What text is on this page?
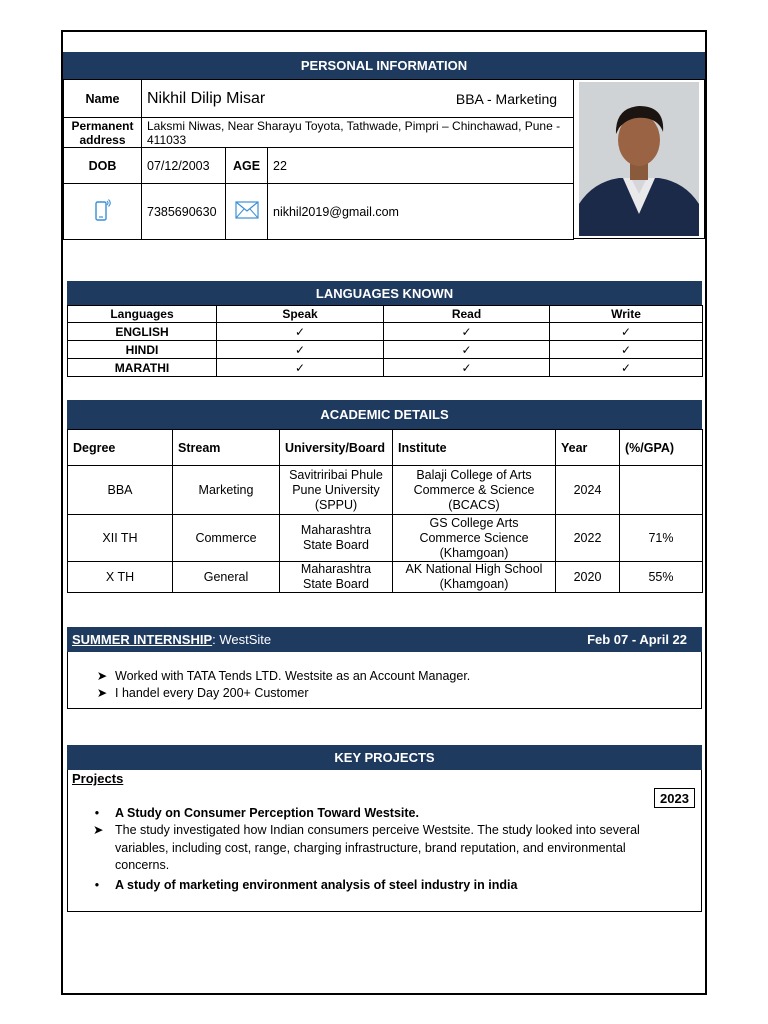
PERSONAL INFORMATION
Name	Nikhil Dilip Misar BBA - Marketing		

Permanent address	Laksmi Niwas, Near Sharayu Toyota, Tathwade, Pimpri – Chinchawad, Pune - 411033		
DOB	07/12/2003	AGE	22
	7385690630		nikhil2019@gmail.com
LANGUAGES KNOWN
Languages	Speak	Read	Write
ENGLISH	✓	✓	✓
HINDI	✓	✓	✓
MARATHI	✓	✓	✓
ACADEMIC DETAILS
Degree	Stream	University/Board	Institute	Year	(%/GPA)
BBA	Marketing	Savitriribai Phule Pune University (SPPU)	Balaji College of Arts Commerce & Science (BCACS)	2024	
XII TH	Commerce	Maharashtra State Board	GS College Arts Commerce Science (Khamgoan)	2022	71%
X TH	General	Maharashtra State Board	AK National High School (Khamgoan)	2020	55%
SUMMER INTERNSHIP: WestSite	Feb 07 - April 22
➤ Worked with TATA Tends LTD. Westsite as an Account Manager.
➤ I handel every Day 200+ Customer
KEY PROJECTS
Projects
2023
• A Study on Consumer Perception Toward Westsite.
➤ The study investigated how Indian consumers perceive Westsite. The study looked into several variables, including cost, range, charging infrastructure, brand reputation, and environmental concerns.
• A study of marketing environment analysis of steel industry in india
